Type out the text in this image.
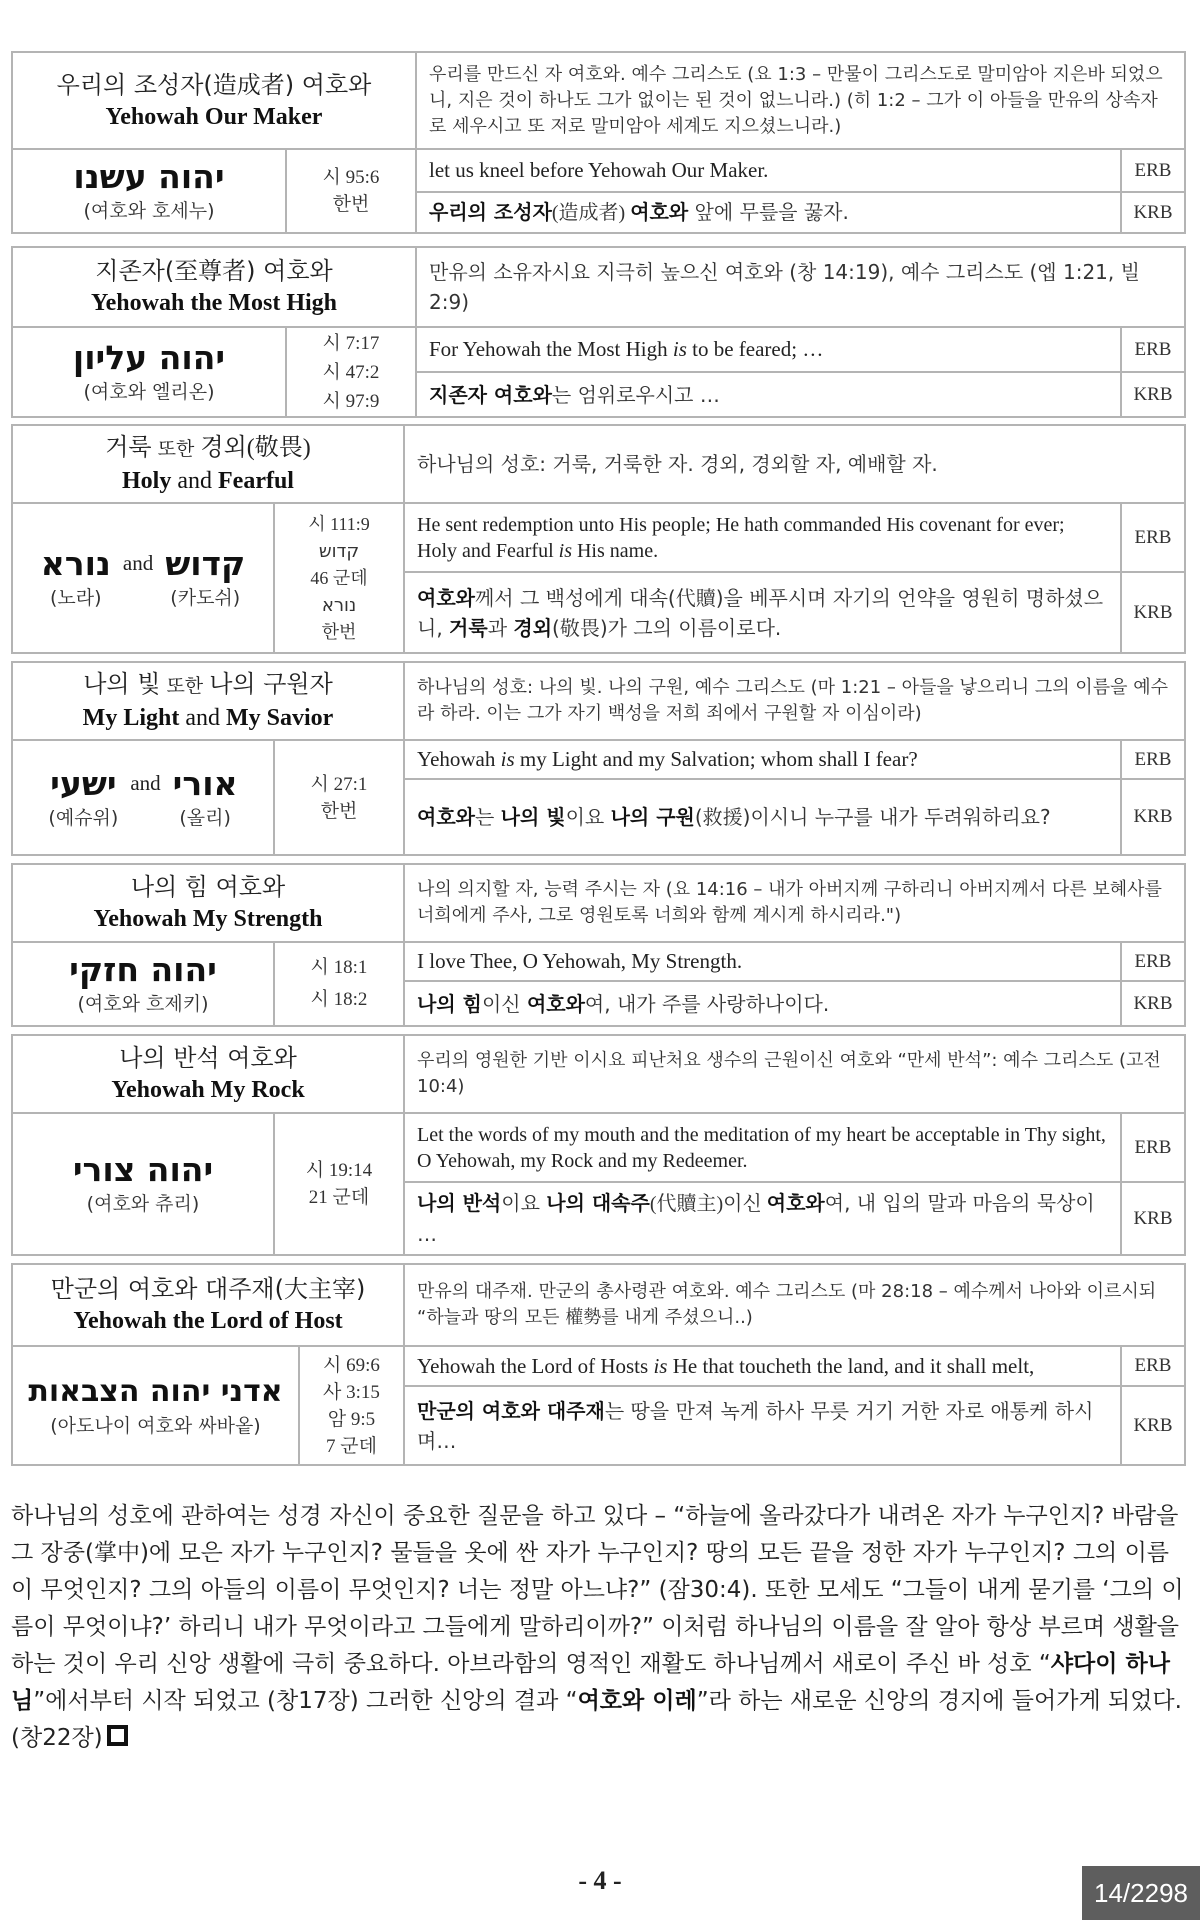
우리의 조성자(造成者) 여호와
Yehowah Our Maker
우리를 만드신 자 여호와. 예수 그리스도 (요 1:3 – 만물이 그리스도로 말미암아 지은바 되었으니, 지은 것이 하나도 그가 없이는 된 것이 없느니라.) (히 1:2 – 그가 이 아들을 만유의 상속자로 세우시고 또 저로 말미암아 세계도 지으셨느니라.)
יהוה עשנו
(여호와 호세누)
시 95:6
한번
let us kneel before Yehowah Our Maker.	ERB
우리의 조성자(造成者) 여호와 앞에 무릎을 꿇자.	KRB
지존자(至尊者) 여호와
Yehowah the Most High
만유의 소유자시요 지극히 높으신 여호와 (창 14:19), 예수 그리스도 (엡 1:21, 빌 2:9)
יהוה עליון
(여호와 엘리온)
시 7:17
시 47:2
시 97:9
For Yehowah the Most High is to be feared; …	ERB
지존자 여호와는 엄위로우시고 …	KRB
거룩 또한 경외(敬畏)
Holy and Fearful
하나님의 성호: 거룩, 거룩한 자. 경외, 경외할 자, 예배할 자.
נורא
(노라)
and קדוש
(카도쉬)
시 111:9
קדוש
46 군데
נורא
한번
He sent redemption unto His people; He hath commanded His covenant for ever; Holy and Fearful is His name.
ERB
여호와께서 그 백성에게 대속(代贖)을 베푸시며 자기의 언약을 영원히 명하셨으니, 거룩과 경외(敬畏)가 그의 이름이로다.
KRB
나의 빛 또한 나의 구원자
My Light and My Savior
하나님의 성호: 나의 빛. 나의 구원, 예수 그리스도 (마 1:21 – 아들을 낳으리니 그의 이름을 예수라 하라. 이는 그가 자기 백성을 저희 죄에서 구원할 자 이심이라)
ישעי
(예슈위)
and אורי
(올리)
시 27:1
한번
Yehowah is my Light and my Salvation; whom shall I fear?	ERB
여호와는 나의 빛이요 나의 구원(救援)이시니 누구를 내가 두려워하리요?	KRB
나의 힘 여호와
Yehowah My Strength
나의 의지할 자, 능력 주시는 자 (요 14:16 – 내가 아버지께 구하리니 아버지께서 다른 보혜사를 너희에게 주사, 그로 영원토록 너희와 함께 계시게 하시리라.")
יהוה חזקי
(여호와 흐제키)
시 18:1
시 18:2
I love Thee, O Yehowah, My Strength.	ERB
나의 힘이신 여호와여, 내가 주를 사랑하나이다.	KRB
나의 반석 여호와
Yehowah My Rock
우리의 영원한 기반 이시요 피난처요 생수의 근원이신 여호와 “만세 반석”: 예수 그리스도 (고전 10:4)
יהוה צורי
(여호와 츄리)
시 19:14
21 군데
Let the words of my mouth and the meditation of my heart be acceptable in Thy sight, O Yehowah, my Rock and my Redeemer.
ERB
나의 반석이요 나의 대속주(代贖主)이신 여호와여, 내 입의 말과 마음의 묵상이 …
KRB
만군의 여호와 대주재(大主宰)
Yehowah the Lord of Host
만유의 대주재. 만군의 총사령관 여호와. 예수 그리스도 (마 28:18 – 예수께서 나아와 이르시되 “하늘과 땅의 모든 權勢를 내게 주셨으니..)
אדני יהוה הצבאות
(아도나이 여호와 싸바옽)
시 69:6
사 3:15
암 9:5
7 군데
Yehowah the Lord of Hosts is He that toucheth the land, and it shall melt,	ERB
만군의 여호와 대주재는 땅을 만져 녹게 하사 무릇 거기 거한 자로 애통케 하시며…
KRB

하나님의 성호에 관하여는 성경 자신이 중요한 질문을 하고 있다 – “하늘에 올라갔다가 내려온 자가 누구인지? 바람을 그 장중(掌中)에 모은 자가 누구인지? 물들을 옷에 싼 자가 누구인지? 땅의 모든 끝을 정한 자가 누구인지? 그의 이름이 무엇인지? 그의 아들의 이름이 무엇인지? 너는 정말 아느냐?” (잠30:4). 또한 모세도 “그들이 내게 묻기를 ‘그의 이름이 무엇이냐?’ 하리니 내가 무엇이라고 그들에게 말하리이까?” 이처럼 하나님의 이름을 잘 알아 항상 부르며 생활을 하는 것이 우리 신앙 생활에 극히 중요하다. 아브라함의 영적인 재활도 하나님께서 새로이 주신 바 성호 “샤다이 하나님”에서부터 시작 되었고 (창17장) 그러한 신앙의 결과 “여호와 이레”라 하는 새로운 신앙의 경지에 들어가게 되었다. (창22장)

- 4 -	14/2298
